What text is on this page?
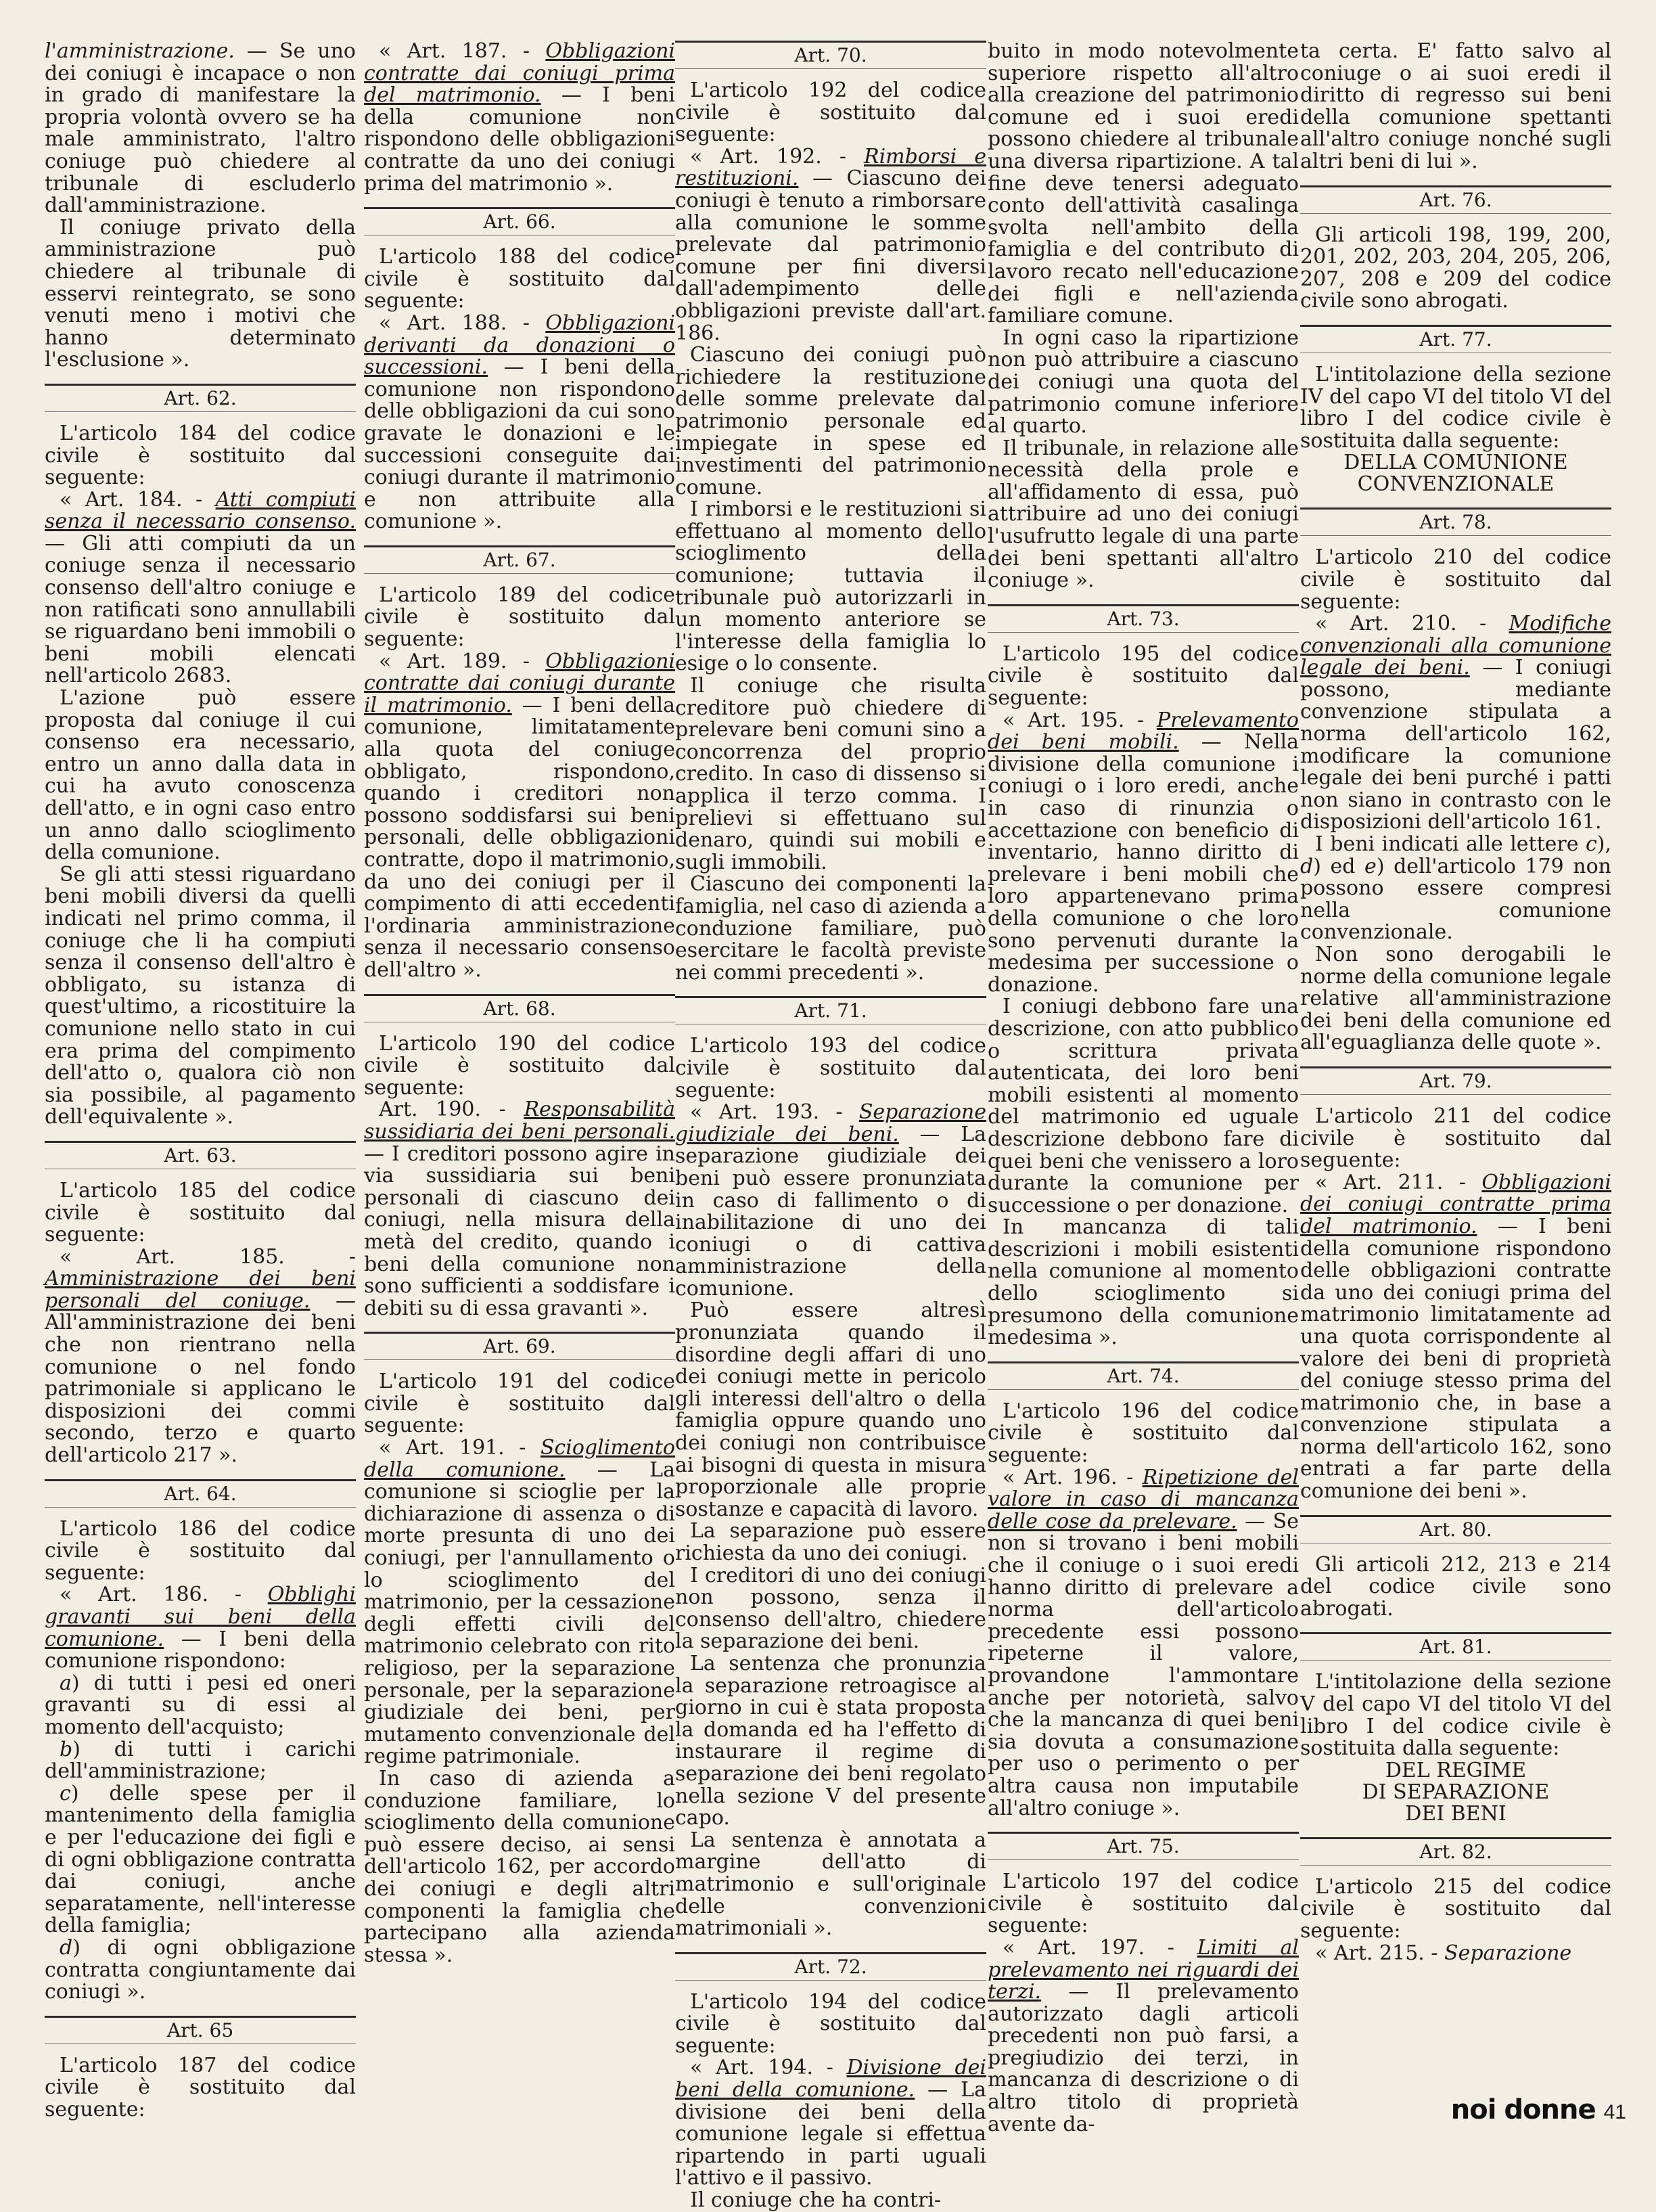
l'amministrazione. — Se uno dei coniugi è incapace o non in grado di manifestare la propria volontà ovvero se ha male amministrato, l'altro coniuge può chiedere al tribunale di escluderlo dall'amministrazione.

Il coniuge privato della amministrazione può chiedere al tribunale di esservi reintegrato, se sono venuti meno i motivi che hanno determinato l'esclusione ».

Art. 62.

L'articolo 184 del codice civile è sostituito dal seguente:

« Art. 184. - Atti compiuti senza il necessario consenso. — Gli atti compiuti da un coniuge senza il necessario consenso dell'altro coniuge e non ratificati sono annullabili se riguardano beni immobili o beni mobili elencati nell'articolo 2683.

L'azione può essere proposta dal coniuge il cui consenso era necessario, entro un anno dalla data in cui ha avuto conoscenza dell'atto, e in ogni caso entro un anno dallo scioglimento della comunione.

Se gli atti stessi riguardano beni mobili diversi da quelli indicati nel primo comma, il coniuge che li ha compiuti senza il consenso dell'altro è obbligato, su istanza di quest'ultimo, a ricostituire la comunione nello stato in cui era prima del compimento dell'atto o, qualora ciò non sia possibile, al pagamento dell'equivalente ».

Art. 63.

L'articolo 185 del codice civile è sostituito dal seguente:

« Art. 185. - Amministrazione dei beni personali del coniuge. — All'amministrazione dei beni che non rientrano nella comunione o nel fondo patrimoniale si applicano le disposizioni dei commi secondo, terzo e quarto dell'articolo 217 ».

Art. 64.

L'articolo 186 del codice civile è sostituito dal seguente:

« Art. 186. - Obblighi gravanti sui beni della comunione. — I beni della comunione rispondono:

a) di tutti i pesi ed oneri gravanti su di essi al momento dell'acquisto;

b) di tutti i carichi dell'amministrazione;

c) delle spese per il mantenimento della famiglia e per l'educazione dei figli e di ogni obbligazione contratta dai coniugi, anche separatamente, nell'interesse della famiglia;

d) di ogni obbligazione contratta congiuntamente dai coniugi ».

Art. 65

L'articolo 187 del codice civile è sostituito dal seguente:

« Art. 187. - Obbligazioni contratte dai coniugi prima del matrimonio. — I beni della comunione non rispondono delle obbligazioni contratte da uno dei coniugi prima del matrimonio ».

Art. 66.

L'articolo 188 del codice civile è sostituito dal seguente:

« Art. 188. - Obbligazioni derivanti da donazioni o successioni. — I beni della comunione non rispondono delle obbligazioni da cui sono gravate le donazioni e le successioni conseguite dai coniugi durante il matrimonio e non attribuite alla comunione ».

Art. 67.

L'articolo 189 del codice civile è sostituito dal seguente:

« Art. 189. - Obbligazioni contratte dai coniugi durante il matrimonio. — I beni della comunione, limitatamente alla quota del coniuge obbligato, rispondono, quando i creditori non possono soddisfarsi sui beni personali, delle obbligazioni contratte, dopo il matrimonio, da uno dei coniugi per il compimento di atti eccedenti l'ordinaria amministrazione senza il necessario consenso dell'altro ».

Art. 68.

L'articolo 190 del codice civile è sostituito dal seguente:

Art. 190. - Responsabilità sussidiaria dei beni personali. — I creditori possono agire in via sussidiaria sui beni personali di ciascuno dei coniugi, nella misura della metà del credito, quando i beni della comunione non sono sufficienti a soddisfare i debiti su di essa gravanti ».

Art. 69.

L'articolo 191 del codice civile è sostituito dal seguente:

« Art. 191. - Scioglimento della comunione. — La comunione si scioglie per la dichiarazione di assenza o di morte presunta di uno dei coniugi, per l'annullamento o lo scioglimento del matrimonio, per la cessazione degli effetti civili del matrimonio celebrato con rito religioso, per la separazione personale, per la separazione giudiziale dei beni, per mutamento convenzionale del regime patrimoniale.

In caso di azienda a conduzione familiare, lo scioglimento della comunione può essere deciso, ai sensi dell'articolo 162, per accordo dei coniugi e degli altri componenti la famiglia che partecipano alla azienda stessa ».

Art. 70.

L'articolo 192 del codice civile è sostituito dal seguente:

« Art. 192. - Rimborsi e restituzioni. — Ciascuno dei coniugi è tenuto a rimborsare alla comunione le somme prelevate dal patrimonio comune per fini diversi dall'adempimento delle obbligazioni previste dall'art. 186.

Ciascuno dei coniugi può richiedere la restituzione delle somme prelevate dal patrimonio personale ed impiegate in spese ed investimenti del patrimonio comune.

I rimborsi e le restituzioni si effettuano al momento dello scioglimento della comunione; tuttavia il tribunale può autorizzarli in un momento anteriore se l'interesse della famiglia lo esige o lo consente.

Il coniuge che risulta creditore può chiedere di prelevare beni comuni sino a concorrenza del proprio credito. In caso di dissenso si applica il terzo comma. I prelievi si effettuano sul denaro, quindi sui mobili e sugli immobili.

Ciascuno dei componenti la famiglia, nel caso di azienda a conduzione familiare, può esercitare le facoltà previste nei commi precedenti ».

Art. 71.

L'articolo 193 del codice civile è sostituito dal seguente:

« Art. 193. - Separazione giudiziale dei beni. — La separazione giudiziale dei beni può essere pronunziata in caso di fallimento o di inabilitazione di uno dei coniugi o di cattiva amministrazione della comunione.

Può essere altresì pronunziata quando il disordine degli affari di uno dei coniugi mette in pericolo gli interessi dell'altro o della famiglia oppure quando uno dei coniugi non contribuisce ai bisogni di questa in misura proporzionale alle proprie sostanze e capacità di lavoro.

La separazione può essere richiesta da uno dei coniugi.

I creditori di uno dei coniugi non possono, senza il consenso dell'altro, chiedere la separazione dei beni.

La sentenza che pronunzia la separazione retroagisce al giorno in cui è stata proposta la domanda ed ha l'effetto di instaurare il regime di separazione dei beni regolato nella sezione V del presente capo.

La sentenza è annotata a margine dell'atto di matrimonio e sull'originale delle convenzioni matrimoniali ».

Art. 72.

L'articolo 194 del codice civile è sostituito dal seguente:

« Art. 194. - Divisione dei beni della comunione. — La divisione dei beni della comunione legale si effettua ripartendo in parti uguali l'attivo e il passivo.

Il coniuge che ha contri-

buito in modo notevolmente superiore rispetto all'altro alla creazione del patrimonio comune ed i suoi eredi possono chiedere al tribunale una diversa ripartizione. A tal fine deve tenersi adeguato conto dell'attività casalinga svolta nell'ambito della famiglia e del contributo di lavoro recato nell'educazione dei figli e nell'azienda familiare comune.

In ogni caso la ripartizione non può attribuire a ciascuno dei coniugi una quota del patrimonio comune inferiore al quarto.

Il tribunale, in relazione alle necessità della prole e all'affidamento di essa, può attribuire ad uno dei coniugi l'usufrutto legale di una parte dei beni spettanti all'altro coniuge ».

Art. 73.

L'articolo 195 del codice civile è sostituito dal seguente:

« Art. 195. - Prelevamento dei beni mobili. — Nella divisione della comunione i coniugi o i loro eredi, anche in caso di rinunzia o accettazione con beneficio di inventario, hanno diritto di prelevare i beni mobili che loro appartenevano prima della comunione o che loro sono pervenuti durante la medesima per successione o donazione.

I coniugi debbono fare una descrizione, con atto pubblico o scrittura privata autenticata, dei loro beni mobili esistenti al momento del matrimonio ed uguale descrizione debbono fare di quei beni che venissero a loro durante la comunione per successione o per donazione.

In mancanza di tali descrizioni i mobili esistenti nella comunione al momento dello scioglimento si presumono della comunione medesima ».

Art. 74.

L'articolo 196 del codice civile è sostituito dal seguente:

« Art. 196. - Ripetizione del valore in caso di mancanza delle cose da prelevare. — Se non si trovano i beni mobili che il coniuge o i suoi eredi hanno diritto di prelevare a norma dell'articolo precedente essi possono ripeterne il valore, provandone l'ammontare anche per notorietà, salvo che la mancanza di quei beni sia dovuta a consumazione per uso o perimento o per altra causa non imputabile all'altro coniuge ».

Art. 75.

L'articolo 197 del codice civile è sostituito dal seguente:

« Art. 197. - Limiti al prelevamento nei riguardi dei terzi. — Il prelevamento autorizzato dagli articoli precedenti non può farsi, a pregiudizio dei terzi, in mancanza di descrizione o di altro titolo di proprietà avente da-

ta certa. E' fatto salvo al coniuge o ai suoi eredi il diritto di regresso sui beni della comunione spettanti all'altro coniuge nonché sugli altri beni di lui ».

Art. 76.

Gli articoli 198, 199, 200, 201, 202, 203, 204, 205, 206, 207, 208 e 209 del codice civile sono abrogati.

Art. 77.

L'intitolazione della sezione IV del capo VI del titolo VI del libro I del codice civile è sostituita dalla seguente:

DELLA COMUNIONE
CONVENZIONALE

Art. 78.

L'articolo 210 del codice civile è sostituito dal seguente:

« Art. 210. - Modifiche convenzionali alla comunione legale dei beni. — I coniugi possono, mediante convenzione stipulata a norma dell'articolo 162, modificare la comunione legale dei beni purché i patti non siano in contrasto con le disposizioni dell'articolo 161.

I beni indicati alle lettere c), d) ed e) dell'articolo 179 non possono essere compresi nella comunione convenzionale.

Non sono derogabili le norme della comunione legale relative all'amministrazione dei beni della comunione ed all'eguaglianza delle quote ».

Art. 79.

L'articolo 211 del codice civile è sostituito dal seguente:

« Art. 211. - Obbligazioni dei coniugi contratte prima del matrimonio. — I beni della comunione rispondono delle obbligazioni contratte da uno dei coniugi prima del matrimonio limitatamente ad una quota corrispondente al valore dei beni di proprietà del coniuge stesso prima del matrimonio che, in base a convenzione stipulata a norma dell'articolo 162, sono entrati a far parte della comunione dei beni ».

Art. 80.

Gli articoli 212, 213 e 214 del codice civile sono abrogati.

Art. 81.

L'intitolazione della sezione V del capo VI del titolo VI del libro I del codice civile è sostituita dalla seguente:

DEL REGIME
DI SEPARAZIONE
DEI BENI

Art. 82.

L'articolo 215 del codice civile è sostituito dal seguente:

« Art. 215. - Separazione

noi donne 41
